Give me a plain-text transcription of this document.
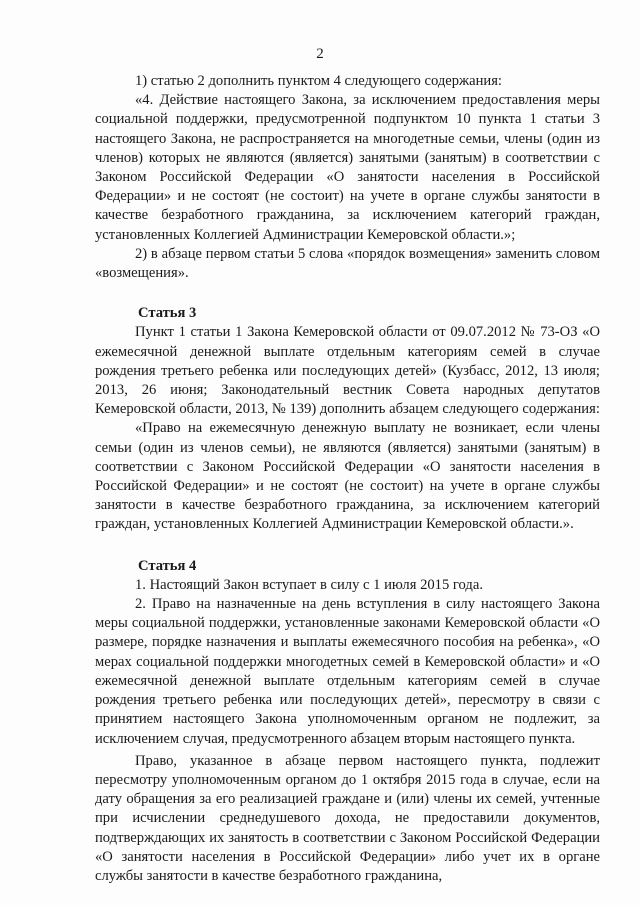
2
1) статью 2 дополнить пунктом 4 следующего содержания:
«4. Действие настоящего Закона, за исключением предоставления меры социальной поддержки, предусмотренной подпунктом 10 пункта 1 статьи 3 настоящего Закона, не распространяется на многодетные семьи, члены (один из членов) которых не являются (является) занятыми (занятым) в соответствии с Законом Российской Федерации «О занятости населения в Российской Федерации» и не состоят (не состоит) на учете в органе службы занятости в качестве безработного гражданина, за исключением категорий граждан, установленных Коллегией Администрации Кемеровской области.»;
2) в абзаце первом статьи 5 слова «порядок возмещения» заменить словом «возмещения».
Статья 3
Пункт 1 статьи 1 Закона Кемеровской области от 09.07.2012 № 73-ОЗ «О ежемесячной денежной выплате отдельным категориям семей в случае рождения третьего ребенка или последующих детей» (Кузбасс, 2012, 13 июля; 2013, 26 июня; Законодательный вестник Совета народных депутатов Кемеровской области, 2013, № 139) дополнить абзацем следующего содержания:
«Право на ежемесячную денежную выплату не возникает, если члены семьи (один из членов семьи), не являются (является) занятыми (занятым) в соответствии с Законом Российской Федерации «О занятости населения в Российской Федерации» и не состоят (не состоит) на учете в органе службы занятости в качестве безработного гражданина, за исключением категорий граждан, установленных Коллегией Администрации Кемеровской области.».
Статья 4
1. Настоящий Закон вступает в силу с 1 июля 2015 года.
2. Право на назначенные на день вступления в силу настоящего Закона меры социальной поддержки, установленные законами Кемеровской области «О размере, порядке назначения и выплаты ежемесячного пособия на ребенка», «О мерах социальной поддержки многодетных семей в Кемеровской области» и «О ежемесячной денежной выплате отдельным категориям семей в случае рождения третьего ребенка или последующих детей», пересмотру в связи с принятием настоящего Закона уполномоченным органом не подлежит, за исключением случая, предусмотренного абзацем вторым настоящего пункта.
Право, указанное в абзаце первом настоящего пункта, подлежит пересмотру уполномоченным органом до 1 октября 2015 года в случае, если на дату обращения за его реализацией граждане и (или) члены их семей, учтенные при исчислении среднедушевого дохода, не предоставили документов, подтверждающих их занятость в соответствии с Законом Российской Федерации «О занятости населения в Российской Федерации» либо учет их в органе службы занятости в качестве безработного гражданина,
